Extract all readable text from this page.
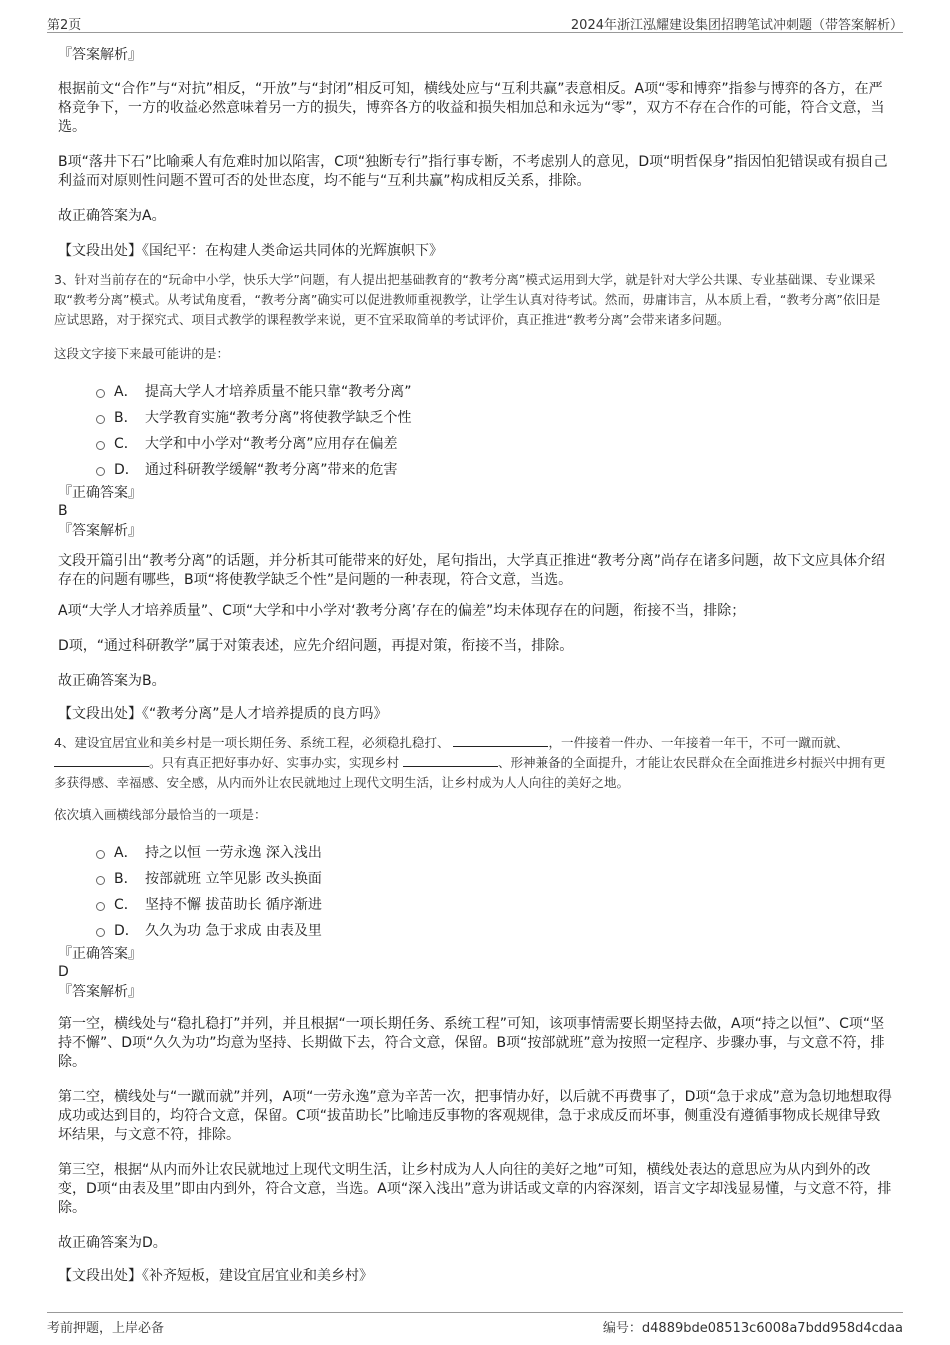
第2页	2024年浙江泓耀建设集团招聘笔试冲刺题（带答案解析）

『答案解析』

根据前文“合作”与“对抗”相反，“开放”与“封闭”相反可知，横线处应与“互利共赢”表意相反。A项“零和博弈”指参与博弈的各方，在严格竞争下，一方的收益必然意味着另一方的损失，博弈各方的收益和损失相加总和永远为“零”，双方不存在合作的可能，符合文意，当选。

B项“落井下石”比喻乘人有危难时加以陷害，C项“独断专行”指行事专断，不考虑别人的意见，D项“明哲保身”指因怕犯错误或有损自己利益而对原则性问题不置可否的处世态度，均不能与“互利共赢”构成相反关系，排除。

故正确答案为A。

【文段出处】《国纪平：在构建人类命运共同体的光辉旗帜下》

3、针对当前存在的“玩命中小学，快乐大学”问题，有人提出把基础教育的“教考分离”模式运用到大学，就是针对大学公共课、专业基础课、专业课采取“教考分离”模式。从考试角度看，“教考分离”确实可以促进教师重视教学，让学生认真对待考试。然而，毋庸讳言，从本质上看，“教考分离”依旧是应试思路，对于探究式、项目式教学的课程教学来说，更不宜采取简单的考试评价，真正推进“教考分离”会带来诸多问题。

这段文字接下来最可能讲的是：

A． 提高大学人才培养质量不能只靠“教考分离”
B． 大学教育实施“教考分离”将使教学缺乏个性
C． 大学和中小学对“教考分离”应用存在偏差
D． 通过科研教学缓解“教考分离”带来的危害

『正确答案』

B

『答案解析』

文段开篇引出“教考分离”的话题，并分析其可能带来的好处，尾句指出，大学真正推进“教考分离”尚存在诸多问题，故下文应具体介绍存在的问题有哪些，B项“将使教学缺乏个性”是问题的一种表现，符合文意，当选。

A项“大学人才培养质量”、C项“大学和中小学对‘教考分离’存在的偏差”均未体现存在的问题，衔接不当，排除；

D项，“通过科研教学”属于对策表述，应先介绍问题，再提对策，衔接不当，排除。

故正确答案为B。

【文段出处】《“教考分离”是人才培养提质的良方吗》

4、建设宜居宜业和美乡村是一项长期任务、系统工程，必须稳扎稳打、	，一件接着一件办、一年接着一年干，不可一蹴而就、 。只有真正把好事办好、实事办实，实现乡村	、形神兼备的全面提升，才能让农民群众在全面推进乡村振兴中拥有更多获得感、幸福感、安全感，从内而外让农民就地过上现代文明生活，让乡村成为人人向往的美好之地。

依次填入画横线部分最恰当的一项是：

A． 持之以恒 一劳永逸 深入浅出
B． 按部就班 立竿见影 改头换面
C． 坚持不懈 拔苗助长 循序渐进
D． 久久为功 急于求成 由表及里

『正确答案』

D

『答案解析』

第一空，横线处与“稳扎稳打”并列，并且根据“一项长期任务、系统工程”可知，该项事情需要长期坚持去做，A项“持之以恒”、C项“坚持不懈”、D项“久久为功”均意为坚持、长期做下去，符合文意，保留。B项“按部就班”意为按照一定程序、步骤办事，与文意不符，排除。

第二空，横线处与“一蹴而就”并列，A项“一劳永逸”意为辛苦一次，把事情办好，以后就不再费事了，D项“急于求成”意为急切地想取得成功或达到目的，均符合文意，保留。C项“拔苗助长”比喻违反事物的客观规律，急于求成反而坏事，侧重没有遵循事物成长规律导致坏结果，与文意不符，排除。

第三空，根据“从内而外让农民就地过上现代文明生活，让乡村成为人人向往的美好之地”可知，横线处表达的意思应为从内到外的改变，D项“由表及里”即由内到外，符合文意，当选。A项“深入浅出”意为讲话或文章的内容深刻，语言文字却浅显易懂，与文意不符，排除。

故正确答案为D。

【文段出处】《补齐短板，建设宜居宜业和美乡村》

考前押题，上岸必备	编号：d4889bde08513c6008a7bdd958d4cdaa
